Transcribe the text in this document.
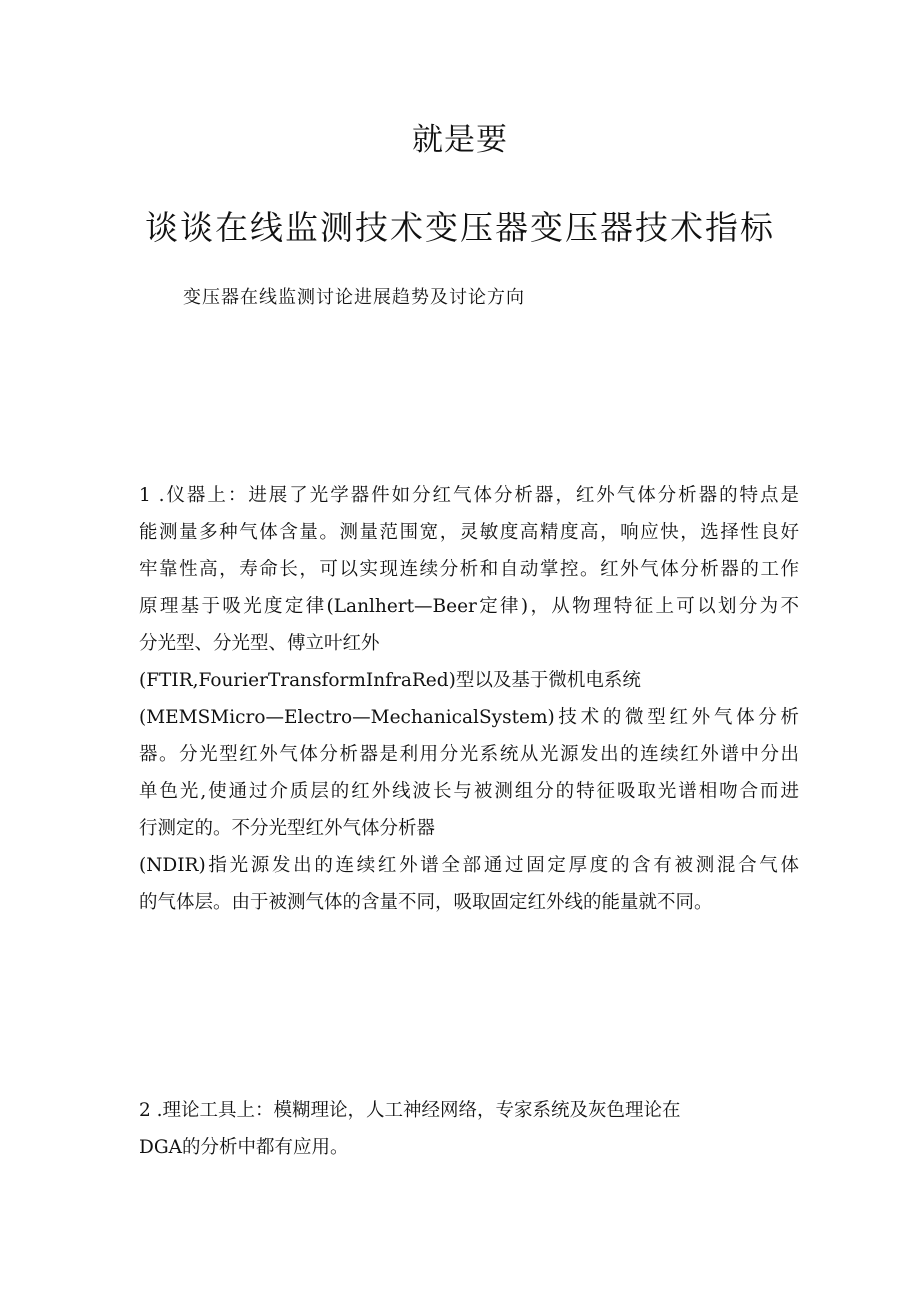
就是要
谈谈在线监测技术变压器变压器技术指标
变压器在线监测讨论进展趋势及讨论方向
1 .仪器上：进展了光学器件如分红气体分析器，红外气体分析器的特点是
能测量多种气体含量。测量范围宽，灵敏度高精度高，响应快，选择性良好
牢靠性高，寿命长，可以实现连续分析和自动掌控。红外气体分析器的工作
原理基于吸光度定律(Lanlhert—Beer定律)，从物理特征上可以划分为不
分光型、分光型、傅立叶红外
(FTIR,FourierTransformInfraRed)型以及基于微机电系统
(MEMSMicro—Electro—MechanicalSystem)技术的微型红外气体分析
器。分光型红外气体分析器是利用分光系统从光源发出的连续红外谱中分出
单色光,使通过介质层的红外线波长与被测组分的特征吸取光谱相吻合而进
行测定的。不分光型红外气体分析器
(NDIR)指光源发出的连续红外谱全部通过固定厚度的含有被测混合气体
的气体层。由于被测气体的含量不同，吸取固定红外线的能量就不同。
2 .理论工具上：模糊理论，人工神经网络，专家系统及灰色理论在
DGA的分析中都有应用。
